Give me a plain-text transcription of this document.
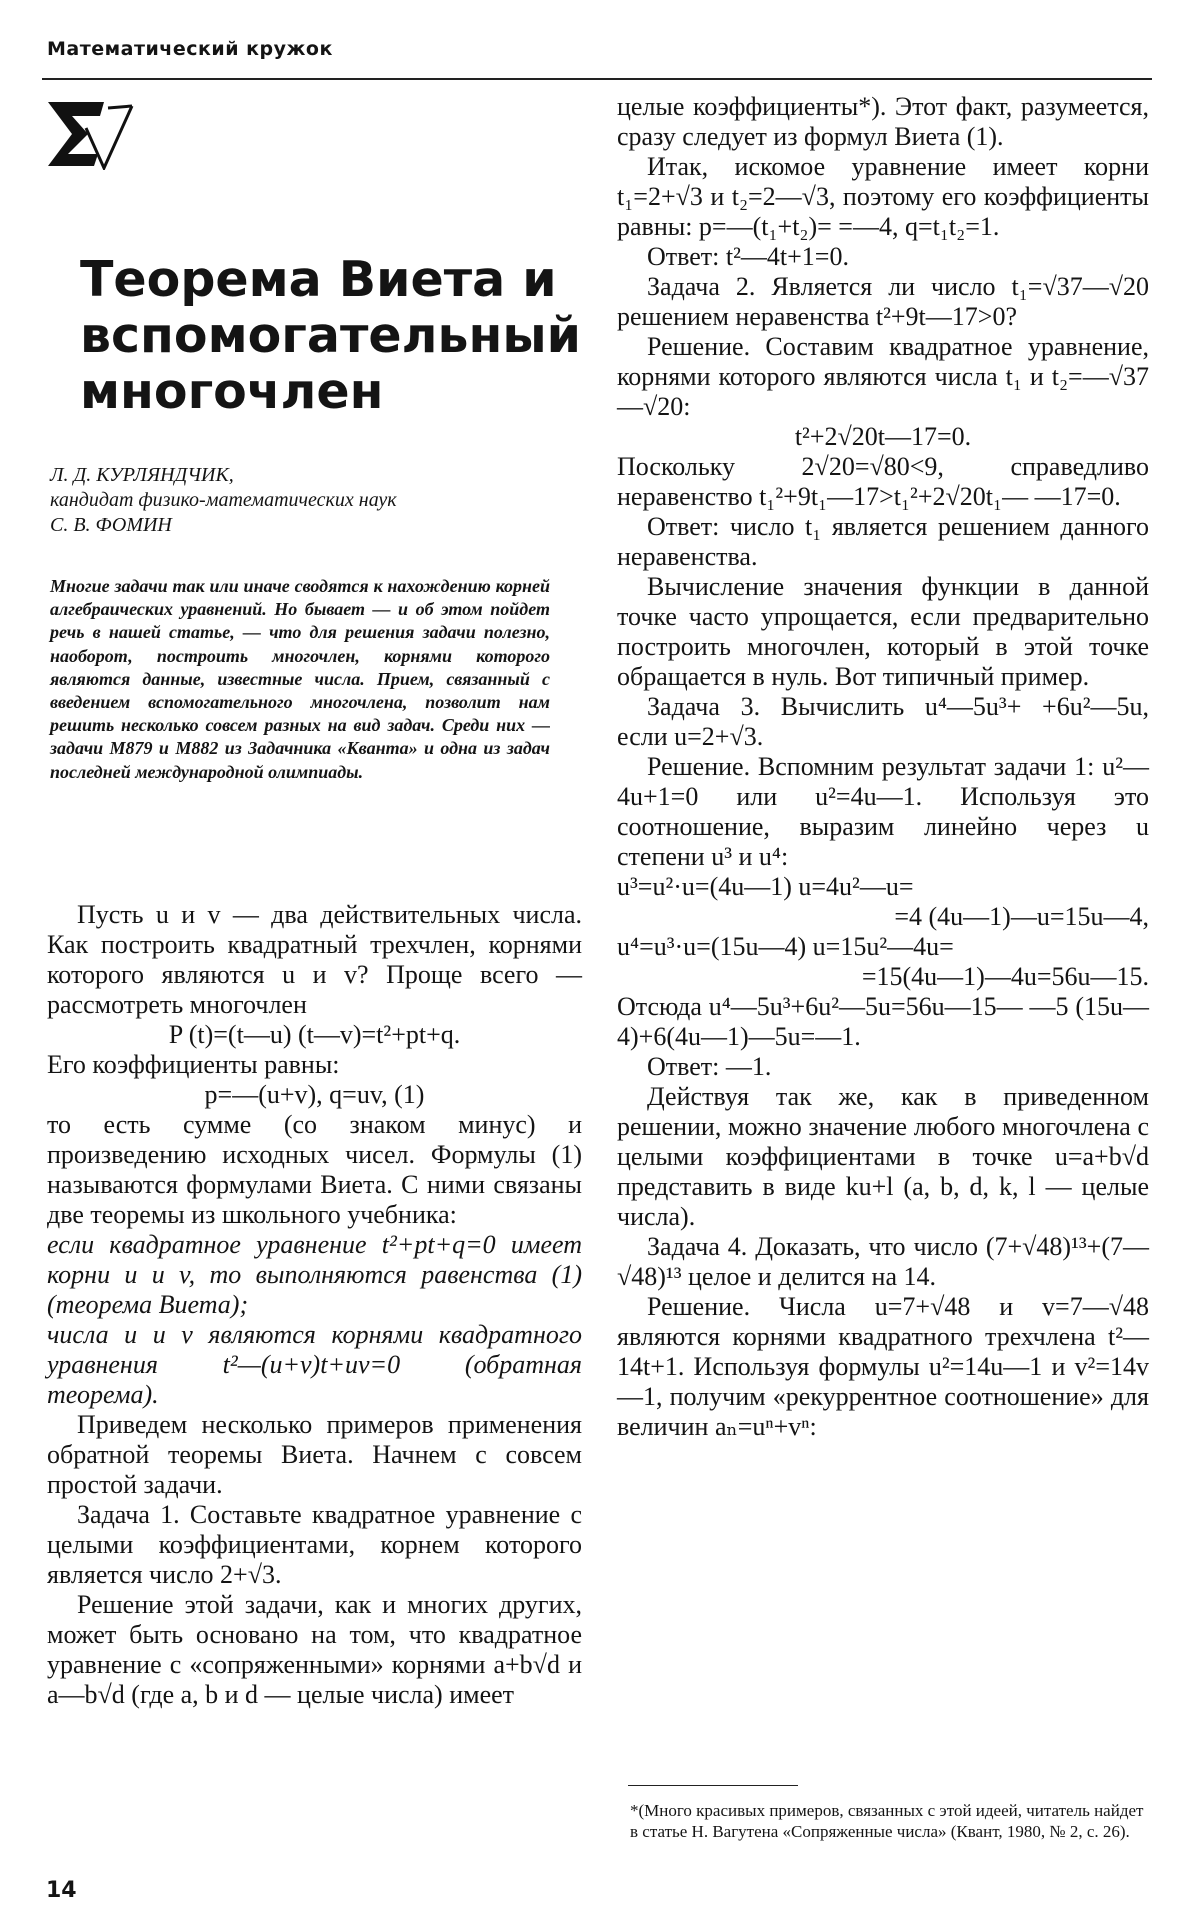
Математический кружок
Теорема Виета и вспомогательный многочлен
Л. Д. КУРЛЯНДЧИК,
кандидат физико-математических наук
С. В. ФОМИН
Многие задачи так или иначе сводятся к нахождению корней алгебраических уравнений. Но бывает — и об этом пойдет речь в нашей статье, — что для решения задачи полезно, наоборот, построить многочлен, корнями которого являются данные, известные числа. Прием, связанный с введением вспомогательного многочлена, позволит нам решить несколько совсем разных на вид задач. Среди них — задачи М879 и М882 из Задачника «Кванта» и одна из задач последней международной олимпиады.

Пусть u и v — два действительных числа. Как построить квадратный трехчлен, корнями которого являются u и v? Проще всего — рассмотреть многочлен

P (t)=(t—u) (t—v)=t²+pt+q.

Его коэффициенты равны:

p=—(u+v), q=uv, (1)

то есть сумме (со знаком минус) и произведению исходных чисел. Формулы (1) называются формулами Виета. С ними связаны две теоремы из школьного учебника:

если квадратное уравнение t²+pt+q=0 имеет корни u и v, то выполняются равенства (1) (теорема Виета);

числа u и v являются корнями квадратного уравнения t²—(u+v)t+uv=0 (обратная теорема).

Приведем несколько примеров применения обратной теоремы Виета. Начнем с совсем простой задачи.

Задача 1. Составьте квадратное уравнение с целыми коэффициентами, корнем которого является число 2+√3.

Решение этой задачи, как и многих других, может быть основано на том, что квадратное уравнение с «сопряженными» корнями a+b√d и a—b√d (где a, b и d — целые числа) имеет

целые коэффициенты*). Этот факт, разумеется, сразу следует из формул Виета (1).

Итак, искомое уравнение имеет корни t₁=2+√3 и t₂=2—√3, поэтому его коэффициенты равны: p=—(t₁+t₂)= =—4, q=t₁t₂=1.

Ответ: t²—4t+1=0.

Задача 2. Является ли число t₁=√37—√20 решением неравенства t²+9t—17>0?

Решение. Составим квадратное уравнение, корнями которого являются числа t₁ и t₂=—√37—√20:

t²+2√20t—17=0.

Поскольку 2√20=√80<9, справедливо неравенство t₁²+9t₁—17>t₁²+2√20t₁— —17=0.

Ответ: число t₁ является решением данного неравенства.

Вычисление значения функции в данной точке часто упрощается, если предварительно построить многочлен, который в этой точке обращается в нуль. Вот типичный пример.

Задача 3. Вычислить u⁴—5u³+ +6u²—5u, если u=2+√3.

Решение. Вспомним результат задачи 1: u²—4u+1=0 или u²=4u—1. Используя это соотношение, выразим линейно через u степени u³ и u⁴:

u³=u²·u=(4u—1) u=4u²—u=

=4 (4u—1)—u=15u—4,

u⁴=u³·u=(15u—4) u=15u²—4u=

=15(4u—1)—4u=56u—15.

Отсюда u⁴—5u³+6u²—5u=56u—15— —5 (15u—4)+6(4u—1)—5u=—1.

Ответ: —1.

Действуя так же, как в приведенном решении, можно значение любого многочлена с целыми коэффициентами в точке u=a+b√d представить в виде ku+l (a, b, d, k, l — целые числа).

Задача 4. Доказать, что число (7+√48)¹³+(7—√48)¹³ целое и делится на 14.

Решение. Числа u=7+√48 и v=7—√48 являются корнями квадратного трехчлена t²—14t+1. Используя формулы u²=14u—1 и v²=14v—1, получим «рекуррентное соотношение» для величин aₙ=uⁿ+vⁿ:

*(Много красивых примеров, связанных с этой идеей, читатель найдет в статье Н. Вагутена «Сопряженные числа» (Квант, 1980, № 2, с. 26).
14
